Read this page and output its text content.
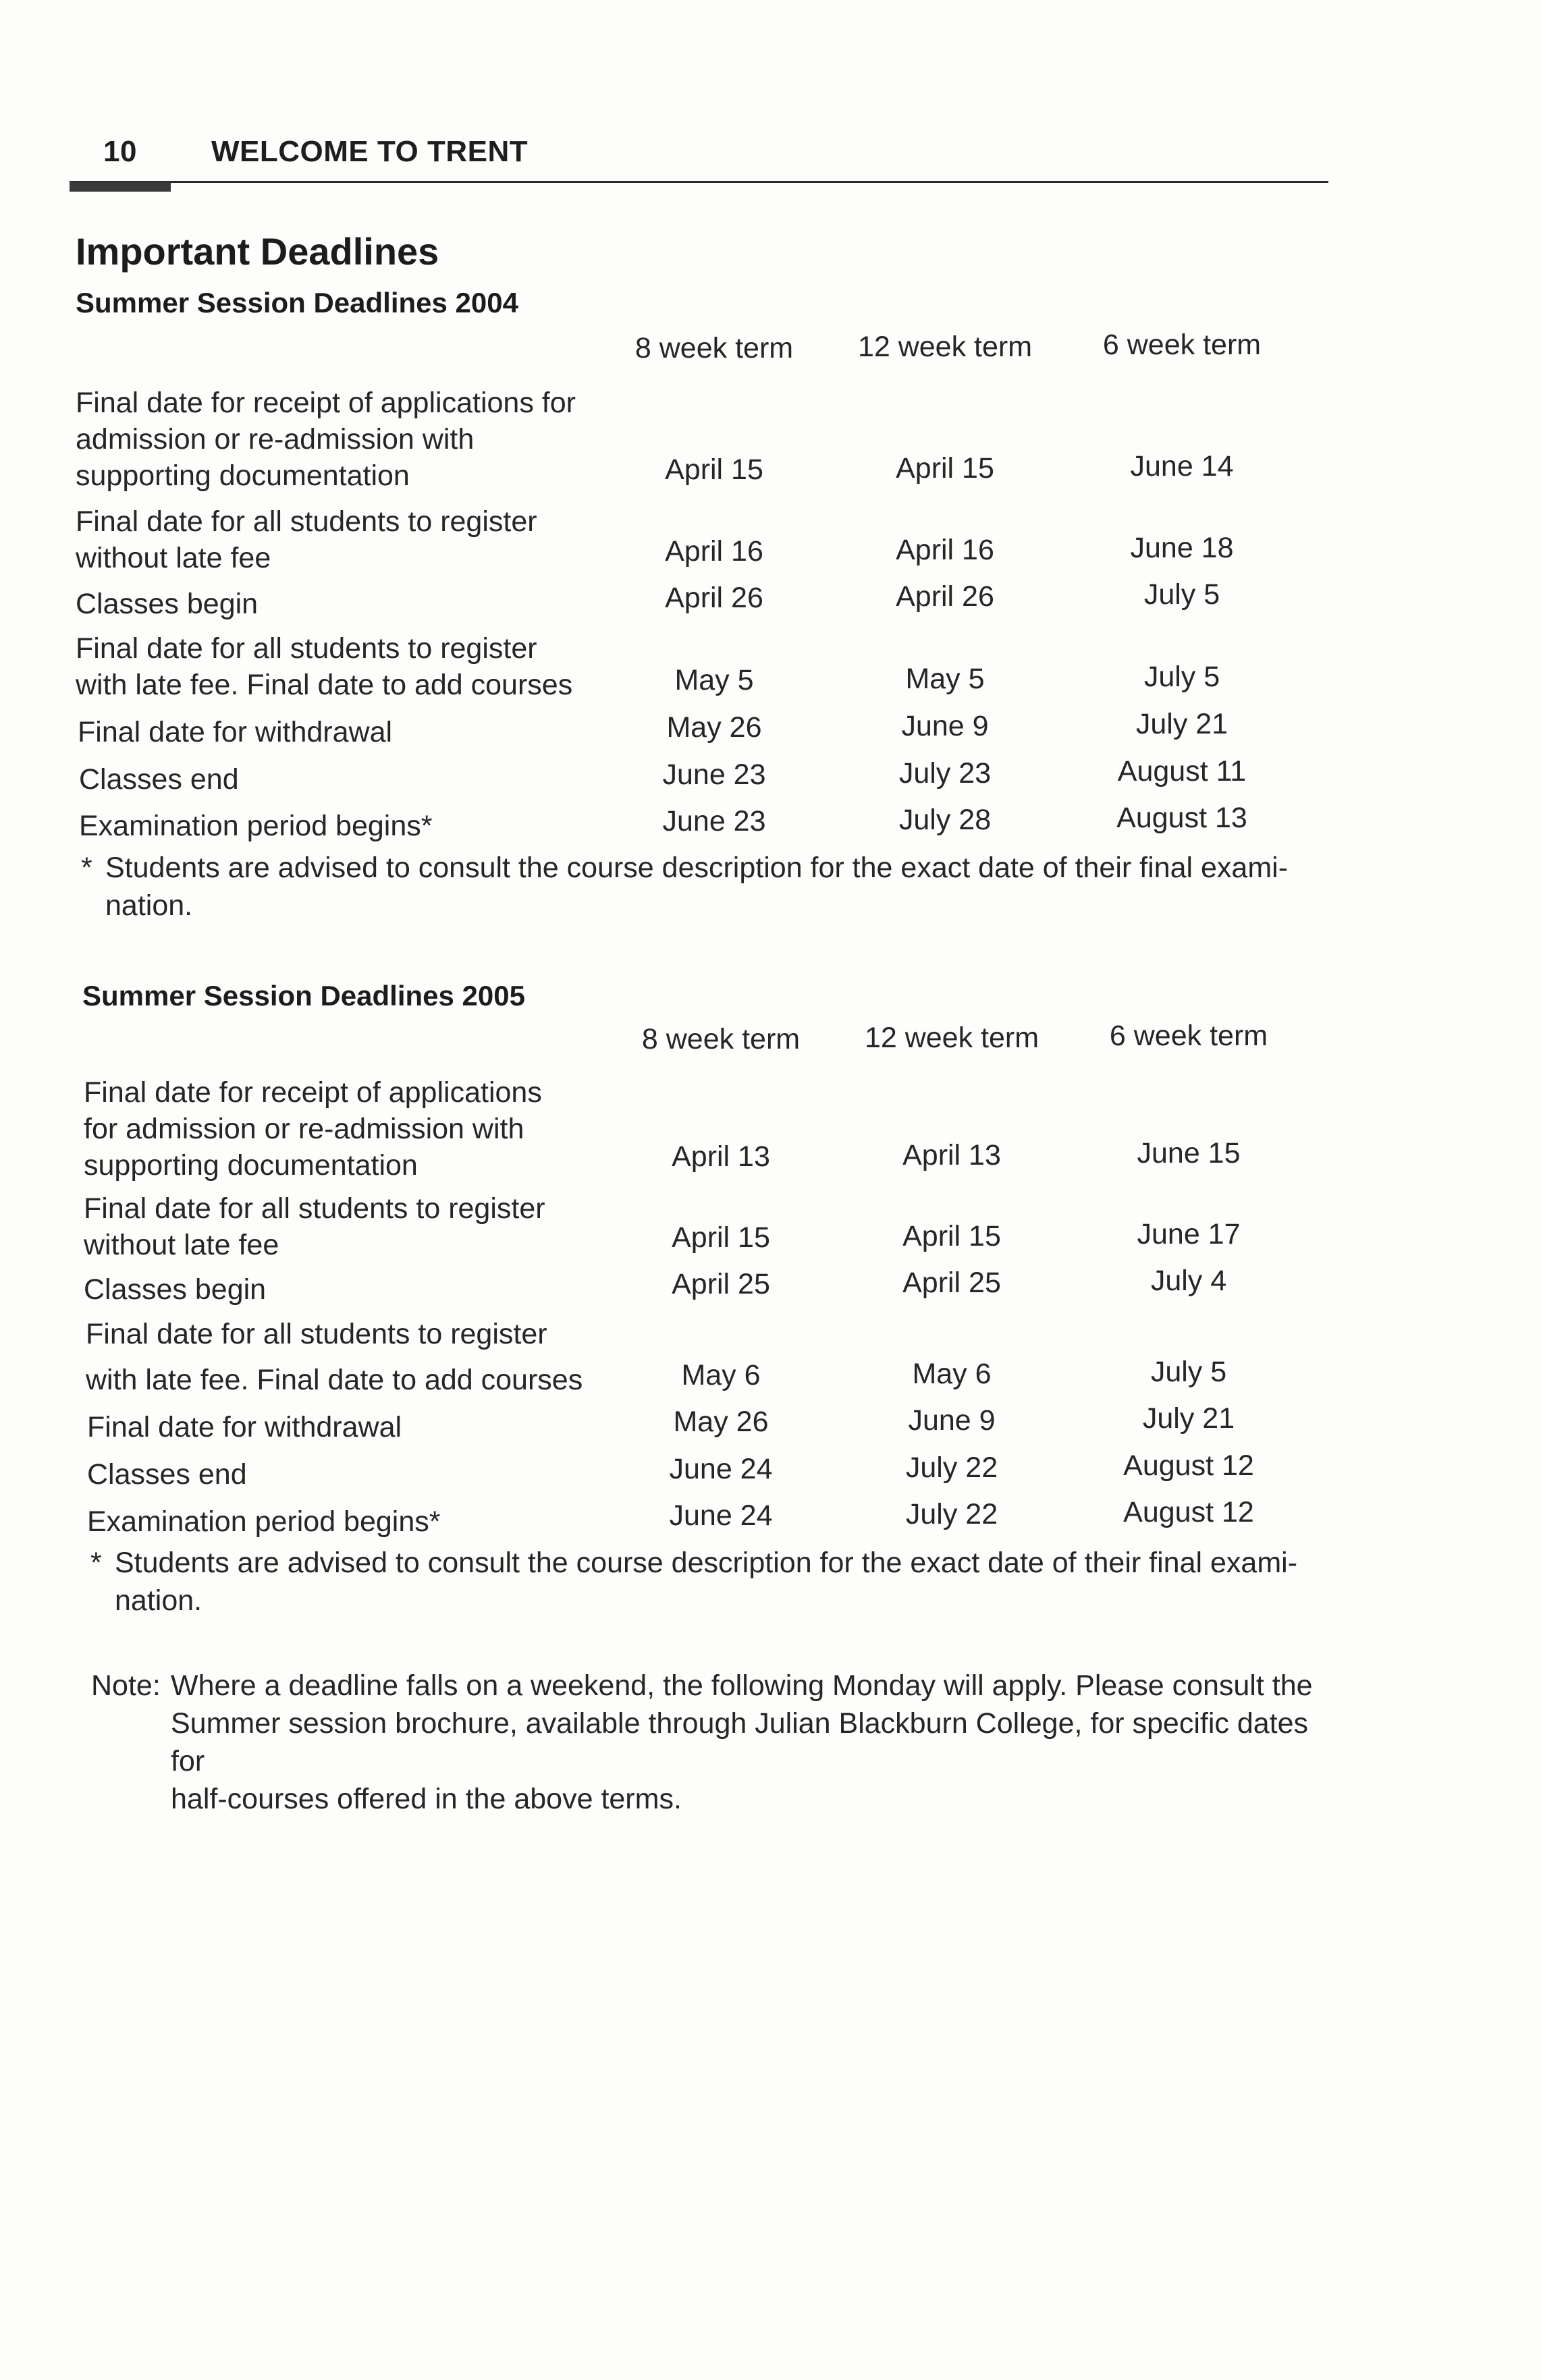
10	WELCOME TO TRENT
Important Deadlines
Summer Session Deadlines 2004
8 week term	12 week term	6 week term
Final date for receipt of applications for
admission or re-admission with
supporting documentation	April 15	April 15	June 14
Final date for all students to register
without late fee	April 16	April 16	June 18
Classes begin	April 26	April 26	July 5
Final date for all students to register
with late fee. Final date to add courses	May 5	May 5	July 5
Final date for withdrawal	May 26	June 9	July 21
Classes end	June 23	July 23	August 11
Examination period begins*	June 23	July 28	August 13
* Students are advised to consult the course description for the exact date of their final exami-
nation.
Summer Session Deadlines 2005
8 week term	12 week term	6 week term
Final date for receipt of applications
for admission or re-admission with
supporting documentation	April 13	April 13	June 15
Final date for all students to register
without late fee	April 15	April 15	June 17
Classes begin	April 25	April 25	July 4
Final date for all students to register
with late fee. Final date to add courses	May 6	May 6	July 5
Final date for withdrawal	May 26	June 9	July 21
Classes end	June 24	July 22	August 12
Examination period begins*	June 24	July 22	August 12
* Students are advised to consult the course description for the exact date of their final exami-
nation.
Note: Where a deadline falls on a weekend, the following Monday will apply. Please consult the
Summer session brochure, available through Julian Blackburn College, for specific dates for
half-courses offered in the above terms.
